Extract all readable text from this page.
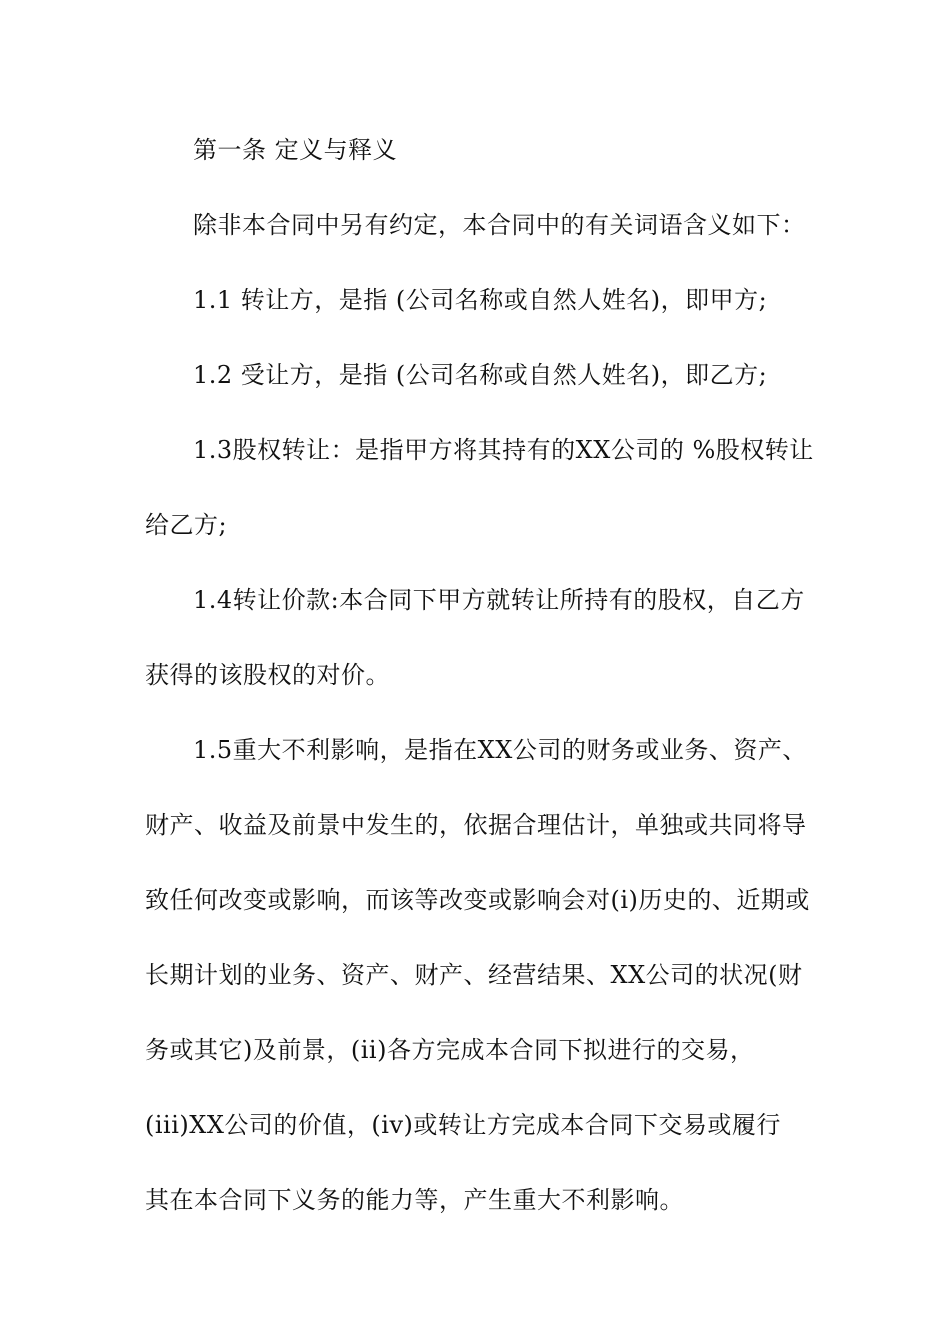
第一条 定义与释义

除非本合同中另有约定，本合同中的有关词语含义如下：

1.1 转让方，是指 (公司名称或自然人姓名)，即甲方;

1.2 受让方，是指 (公司名称或自然人姓名)，即乙方;

1.3股权转让：是指甲方将其持有的XX公司的 %股权转让
给乙方;
1.4转让价款:本合同下甲方就转让所持有的股权，自乙方
获得的该股权的对价。
1.5重大不利影响，是指在XX公司的财务或业务、资产、
财产、收益及前景中发生的，依据合理估计，单独或共同将导
致任何改变或影响，而该等改变或影响会对(i)历史的、近期或
长期计划的业务、资产、财产、经营结果、XX公司的状况(财
务或其它)及前景，(ii)各方完成本合同下拟进行的交易，
(iii)XX公司的价值，(iv)或转让方完成本合同下交易或履行
其在本合同下义务的能力等，产生重大不利影响。
